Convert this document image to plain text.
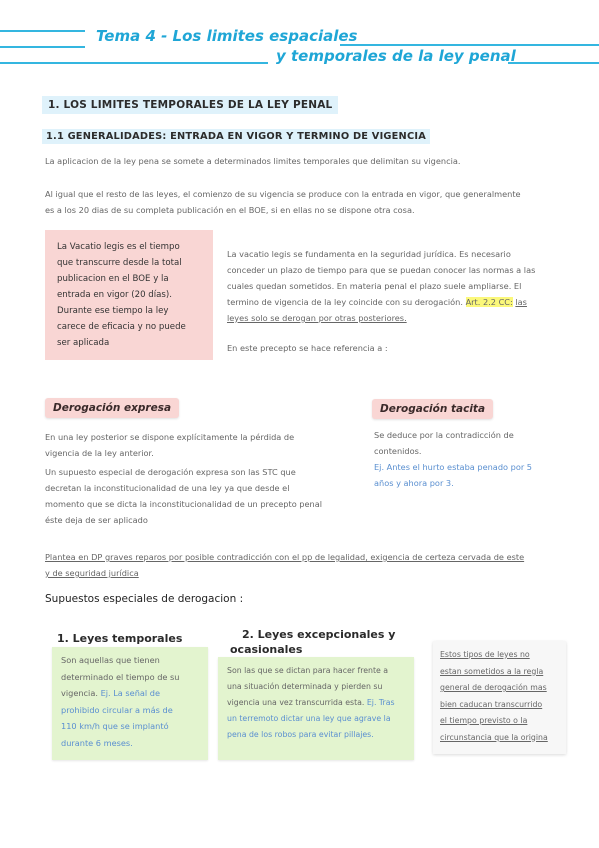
Tema 4 - Los limites espaciales
y temporales de la ley penal
1. LOS LIMITES TEMPORALES DE LA LEY PENAL
1.1 GENERALIDADES: ENTRADA EN VIGOR Y TERMINO DE VIGENCIA

La aplicacion de la ley pena se somete a determinados limites temporales que delimitan su vigencia.

Al igual que el resto de las leyes, el comienzo de su vigencia se produce con la entrada en vigor, que generalmente

es a los 20 dias de su completa publicación en el BOE, si en ellas no se dispone otra cosa.

La Vacatio legis es el tiempo
que transcurre desde la total
publicacion en el BOE y la
entrada en vigor (20 días).
Durante ese tiempo la ley
carece de eficacia y no puede
ser aplicada

La vacatio legis se fundamenta en la seguridad jurídica. Es necesario

conceder un plazo de tiempo para que se puedan conocer las normas a las

cuales quedan sometidos. En materia penal el plazo suele ampliarse. El

termino de vigencia de la ley coincide con su derogación. Art. 2.2 CC: las

leyes solo se derogan por otras posteriores.

En este precepto se hace referencia a :

Derogación expresa

En una ley posterior se dispone explícitamente la pérdida de

vigencia de la ley anterior.

Un supuesto especial de derogación expresa son las STC que

decretan la inconstitucionalidad de una ley ya que desde el

momento que se dicta la inconstitucionalidad de un precepto penal

éste deja de ser aplicado

Derogación tacita

Se deduce por la contradicción de

contenidos.

Ej. Antes el hurto estaba penado por 5

años y ahora por 3.

Plantea en DP graves reparos por posible contradicción con el pp de legalidad, exigencia de certeza cervada de este

y de seguridad jurídica

Supuestos especiales de derogacion :
1. Leyes temporales
Son aquellas que tienen
determinado el tiempo de su
vigencia. Ej. La señal de
prohibido circular a más de
110 km/h que se implantó
durante 6 meses.
2. Leyes excepcionales y
ocasionales
Son las que se dictan para hacer frente a
una situación determinada y pierden su
vigencia una vez transcurrida esta. Ej. Tras
un terremoto dictar una ley que agrave la
pena de los robos para evitar pillajes.
Estos tipos de leyes no
estan sometidos a la regla
general de derogación mas
bien caducan transcurrido
el tiempo previsto o la
circunstancia que la origina
